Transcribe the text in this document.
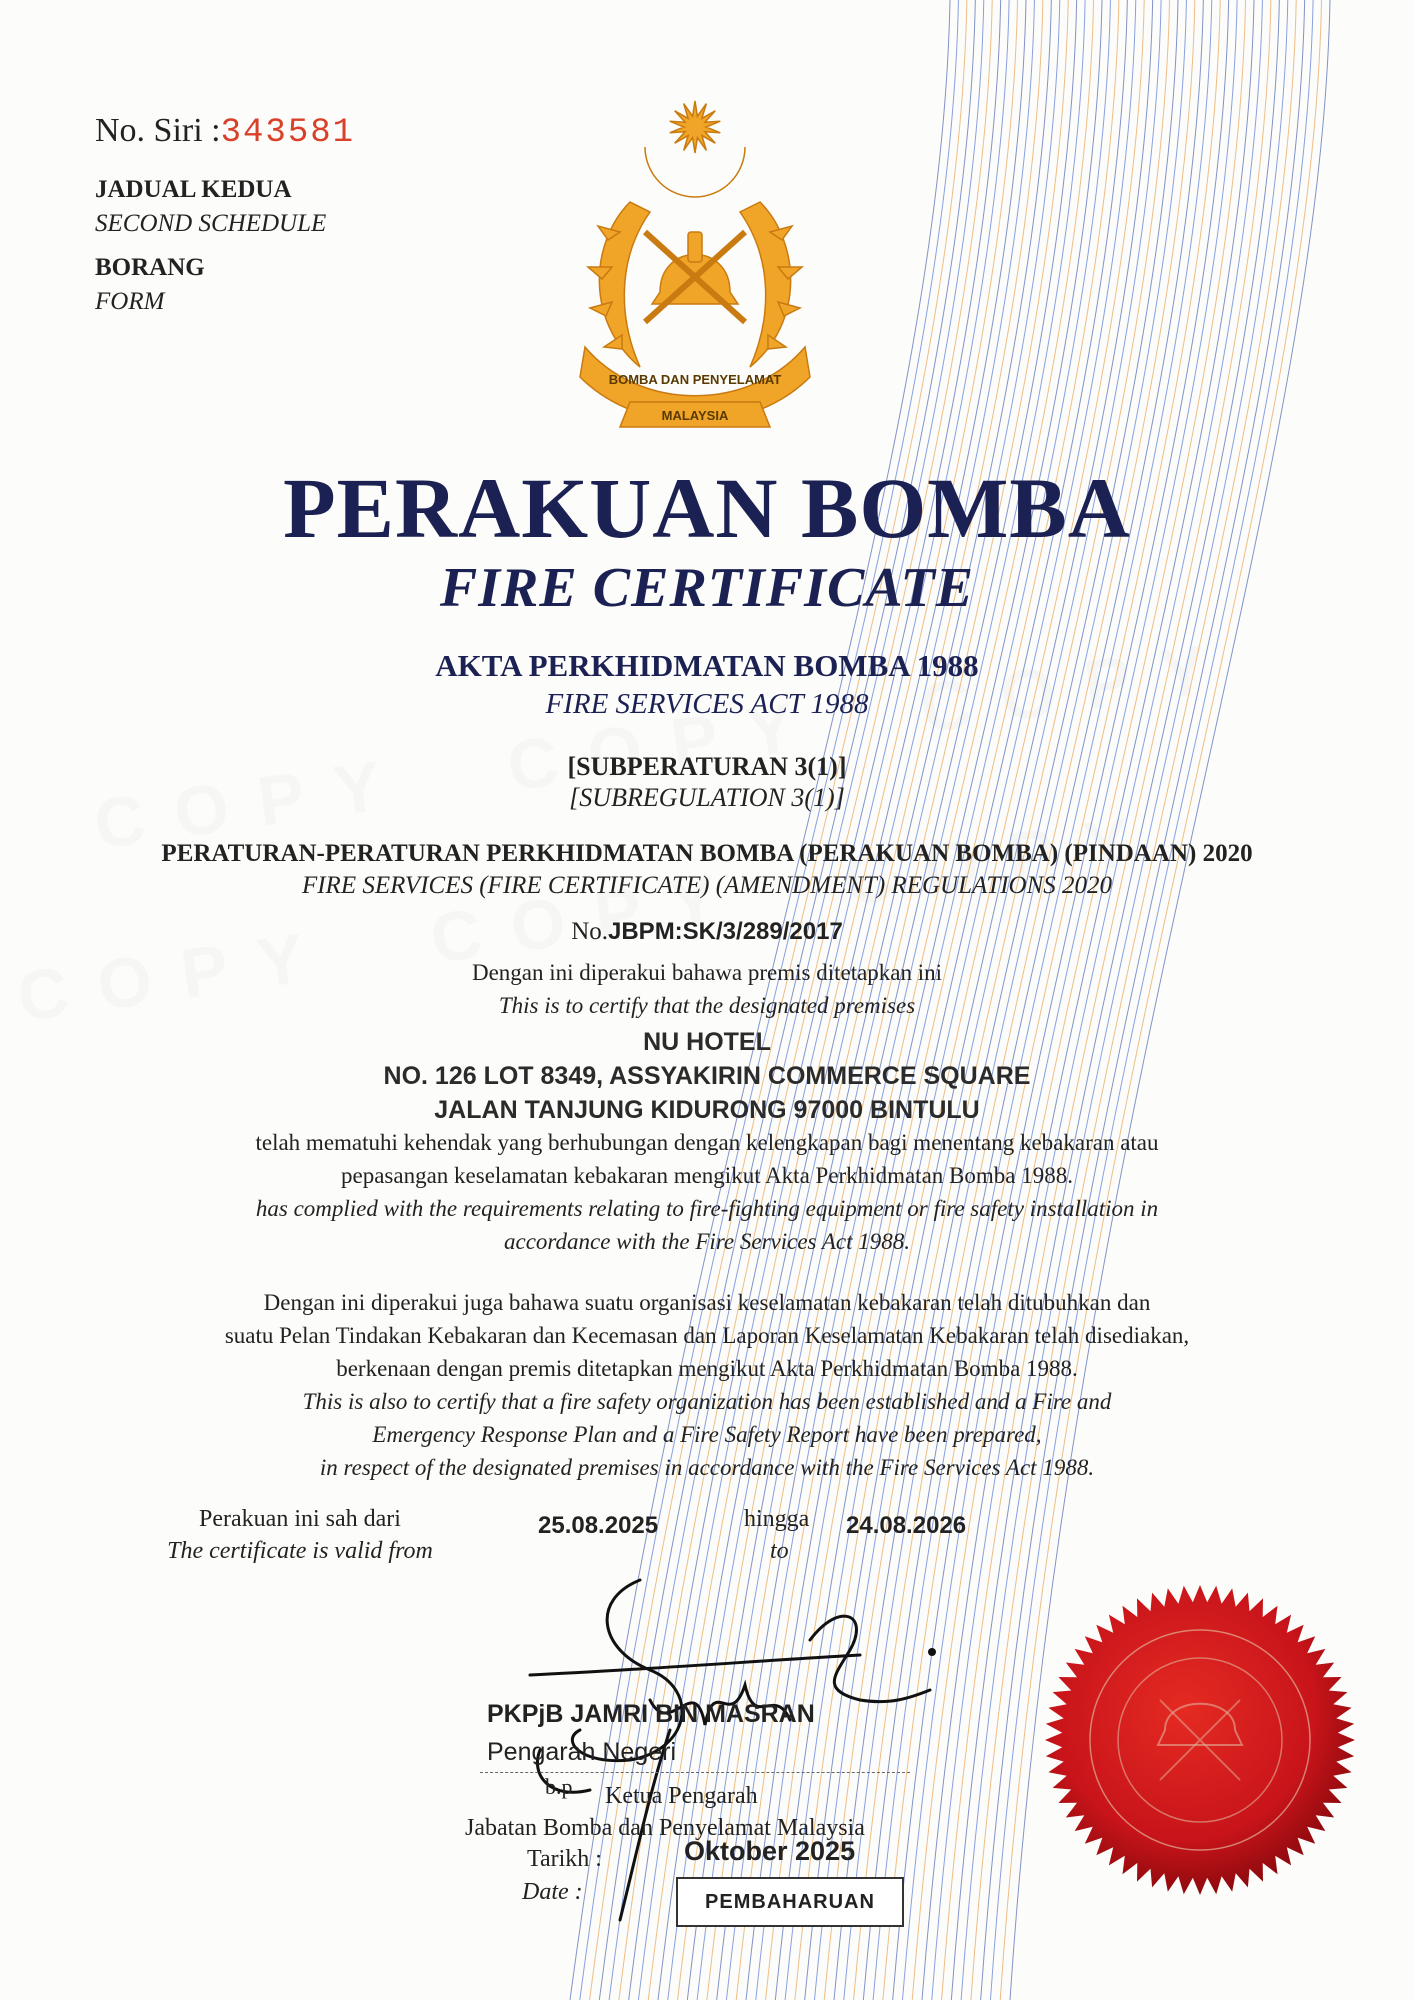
No. Siri :343581
JADUAL KEDUA
SECOND SCHEDULE
BORANG
FORM
BOMBA DAN PENYELAMAT
MALAYSIA
PERAKUAN BOMBA
FIRE CERTIFICATE
AKTA PERKHIDMATAN BOMBA 1988
FIRE SERVICES ACT 1988
[SUBPERATURAN 3(1)]
[SUBREGULATION 3(1)]
PERATURAN-PERATURAN PERKHIDMATAN BOMBA (PERAKUAN BOMBA) (PINDAAN) 2020
FIRE SERVICES (FIRE CERTIFICATE) (AMENDMENT) REGULATIONS 2020
No.JBPM:SK/3/289/2017
Dengan ini diperakui bahawa premis ditetapkan ini
This is to certify that the designated premises
NU HOTEL
NO. 126 LOT 8349, ASSYAKIRIN COMMERCE SQUARE
JALAN TANJUNG KIDURONG 97000 BINTULU
telah mematuhi kehendak yang berhubungan dengan kelengkapan bagi menentang kebakaran atau
pepasangan keselamatan kebakaran mengikut Akta Perkhidmatan Bomba 1988.
has complied with the requirements relating to fire-fighting equipment or fire safety installation in
accordance with the Fire Services Act 1988.
Dengan ini diperakui juga bahawa suatu organisasi keselamatan kebakaran telah ditubuhkan dan
suatu Pelan Tindakan Kebakaran dan Kecemasan dan Laporan Keselamatan Kebakaran telah disediakan,
berkenaan dengan premis ditetapkan mengikut Akta Perkhidmatan Bomba 1988.
This is also to certify that a fire safety organization has been established and a Fire and
Emergency Response Plan and a Fire Safety Report have been prepared,
in respect of the designated premises in accordance with the Fire Services Act 1988.
Perakuan ini sah dari
The certificate is valid from
25.08.2025	hingga
to
24.08.2026
PKPjB JAMRI BIN MASRAN
Pengarah Negeri
b.p Ketua Pengarah
Jabatan Bomba dan Penyelamat Malaysia
Tarikh :
Date :
Oktober 2025
PEMBAHARUAN
